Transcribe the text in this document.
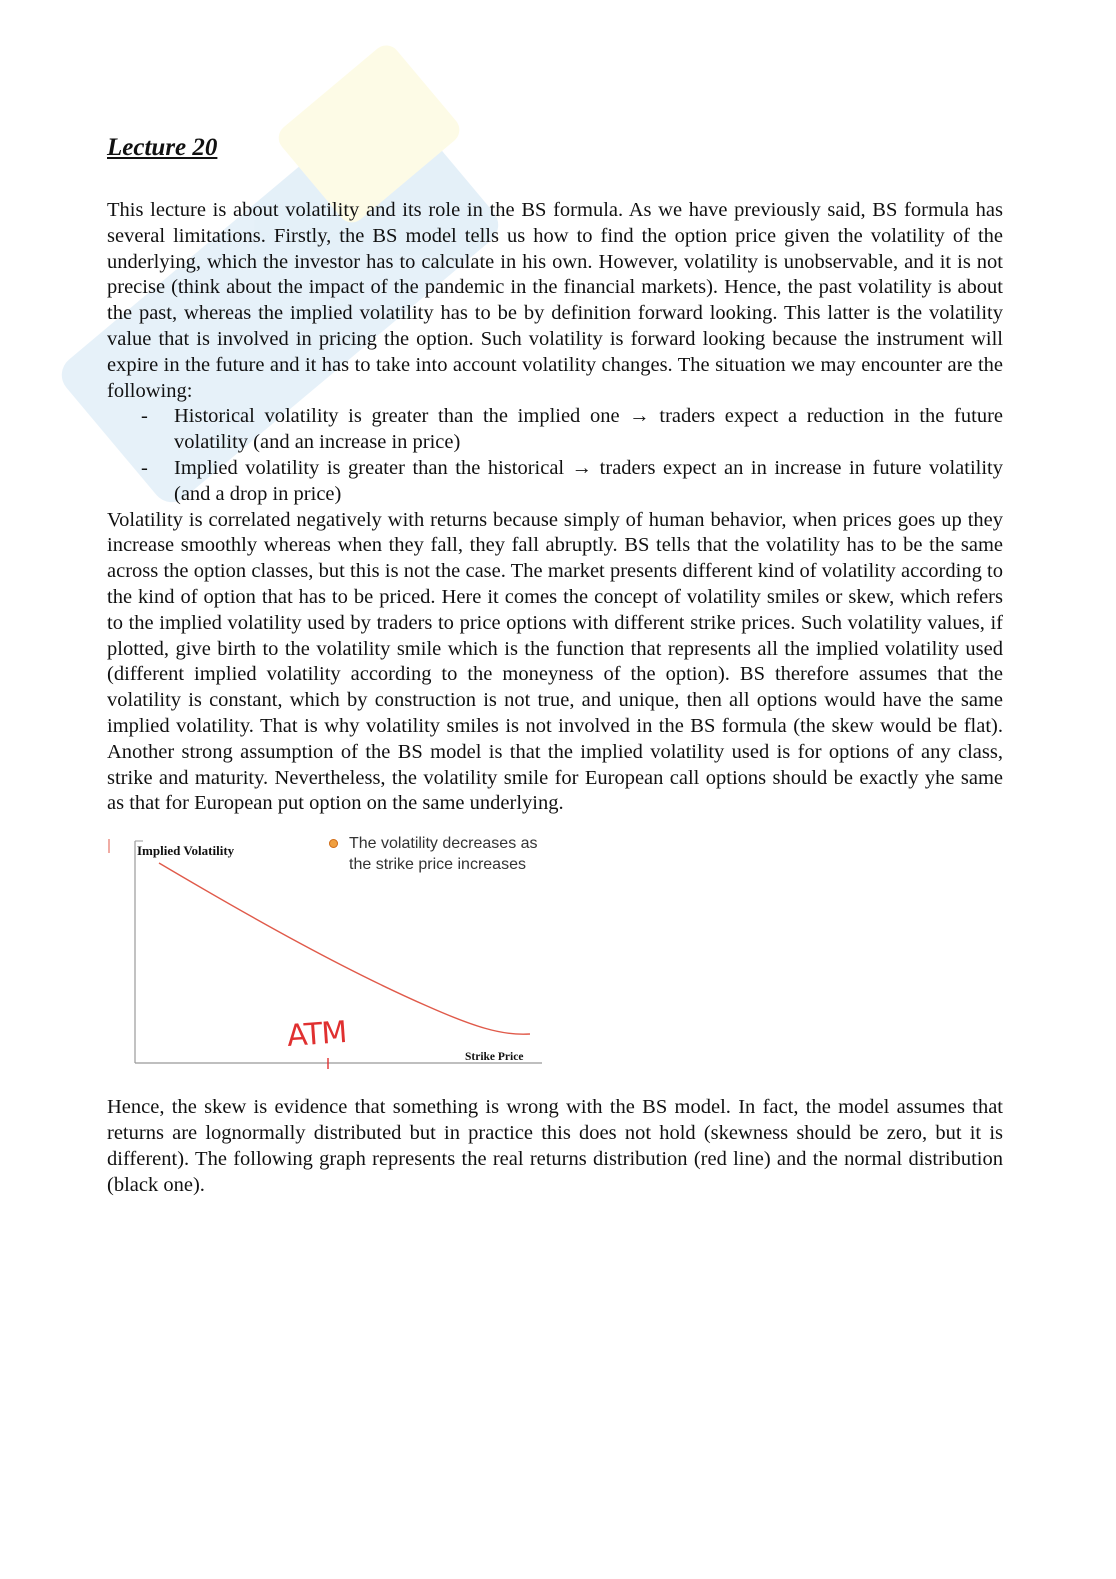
Lecture 20

This lecture is about volatility and its role in the BS formula. As we have previously said, BS formula has several limitations. Firstly, the BS model tells us how to find the option price given the volatility of the underlying, which the investor has to calculate in his own. However, volatility is unobservable, and it is not precise (think about the impact of the pandemic in the financial markets). Hence, the past volatility is about the past, whereas the implied volatility has to be by definition forward looking. This latter is the volatility value that is involved in pricing the option. Such volatility is forward looking because the instrument will expire in the future and it has to take into account volatility changes. The situation we may encounter are the following:

- Historical volatility is greater than the implied one → traders expect a reduction in the future volatility (and an increase in price)
- Implied volatility is greater than the historical → traders expect an in increase in future volatility (and a drop in price)

Volatility is correlated negatively with returns because simply of human behavior, when prices goes up they increase smoothly whereas when they fall, they fall abruptly. BS tells that the volatility has to be the same across the option classes, but this is not the case. The market presents different kind of volatility according to the kind of option that has to be priced. Here it comes the concept of volatility smiles or skew, which refers to the implied volatility used by traders to price options with different strike prices. Such volatility values, if plotted, give birth to the volatility smile which is the function that represents all the implied volatility used (different implied volatility according to the moneyness of the option). BS therefore assumes that the volatility is constant, which by construction is not true, and unique, then all options would have the same implied volatility. That is why volatility smiles is not involved in the BS formula (the skew would be flat). Another strong assumption of the BS model is that the implied volatility used is for options of any class, strike and maturity. Nevertheless, the volatility smile for European call options should be exactly yhe same as that for European put option on the same underlying.

Implied Volatility
Strike Price
The volatility decreases as the strike price increases
ATM

Hence, the skew is evidence that something is wrong with the BS model. In fact, the model assumes that returns are lognormally distributed but in practice this does not hold (skewness should be zero, but it is different). The following graph represents the real returns distribution (red line) and the normal distribution (black one).
